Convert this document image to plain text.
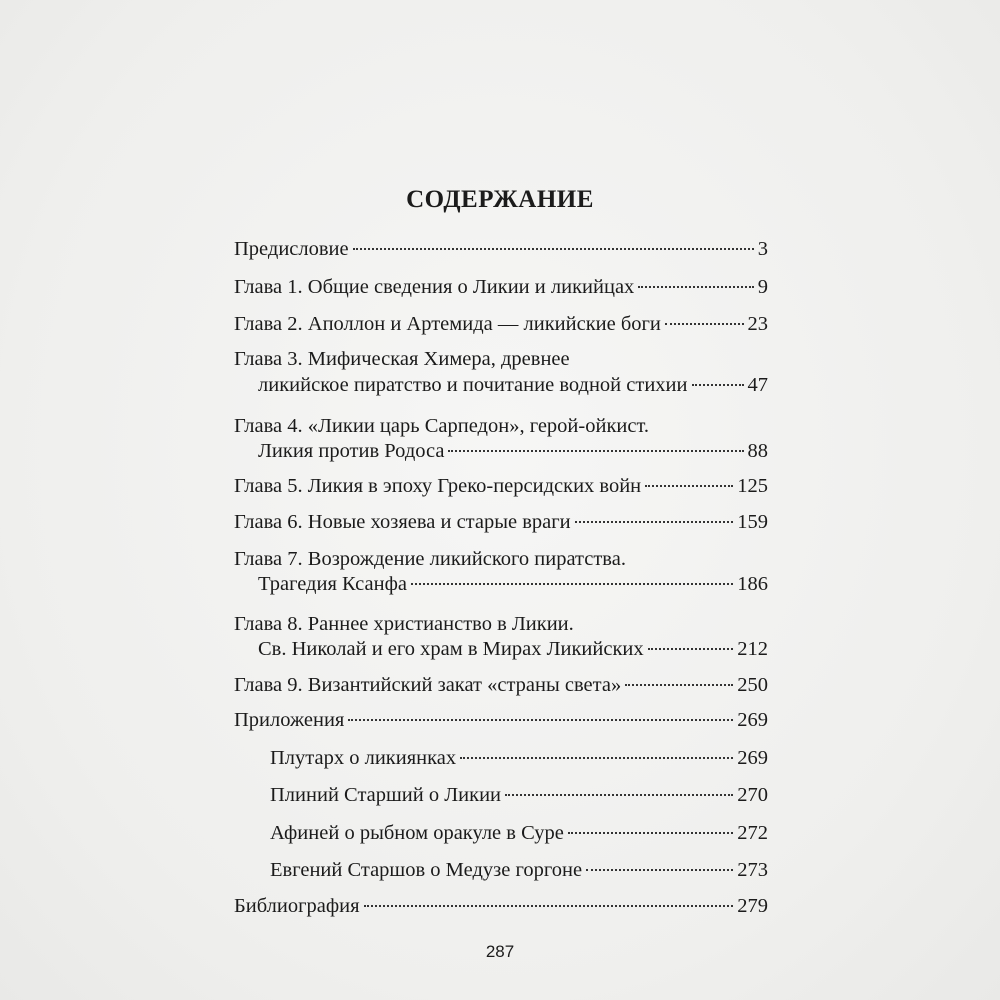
СОДЕРЖАНИЕ
Предисловие	3
Глава 1. Общие сведения о Ликии и ликийцах	9
Глава 2. Аполлон и Артемида — ликийские боги	23
Глава 3. Мифическая Химера, древнее
ликийское пиратство и почитание водной стихии	47
Глава 4. «Ликии царь Сарпедон», герой-ойкист.
Ликия против Родоса	88
Глава 5. Ликия в эпоху Греко-персидских войн	125
Глава 6. Новые хозяева и старые враги	159
Глава 7. Возрождение ликийского пиратства.
Трагедия Ксанфа	186
Глава 8. Раннее христианство в Ликии.
Св. Николай и его храм в Мирах Ликийских	212
Глава 9. Византийский закат «страны света»	250
Приложения	269
Плутарх о ликиянках	269
Плиний Старший о Ликии	270
Афиней о рыбном оракуле в Суре	272
Евгений Старшов о Медузе горгоне	273
Библиография	279
287
